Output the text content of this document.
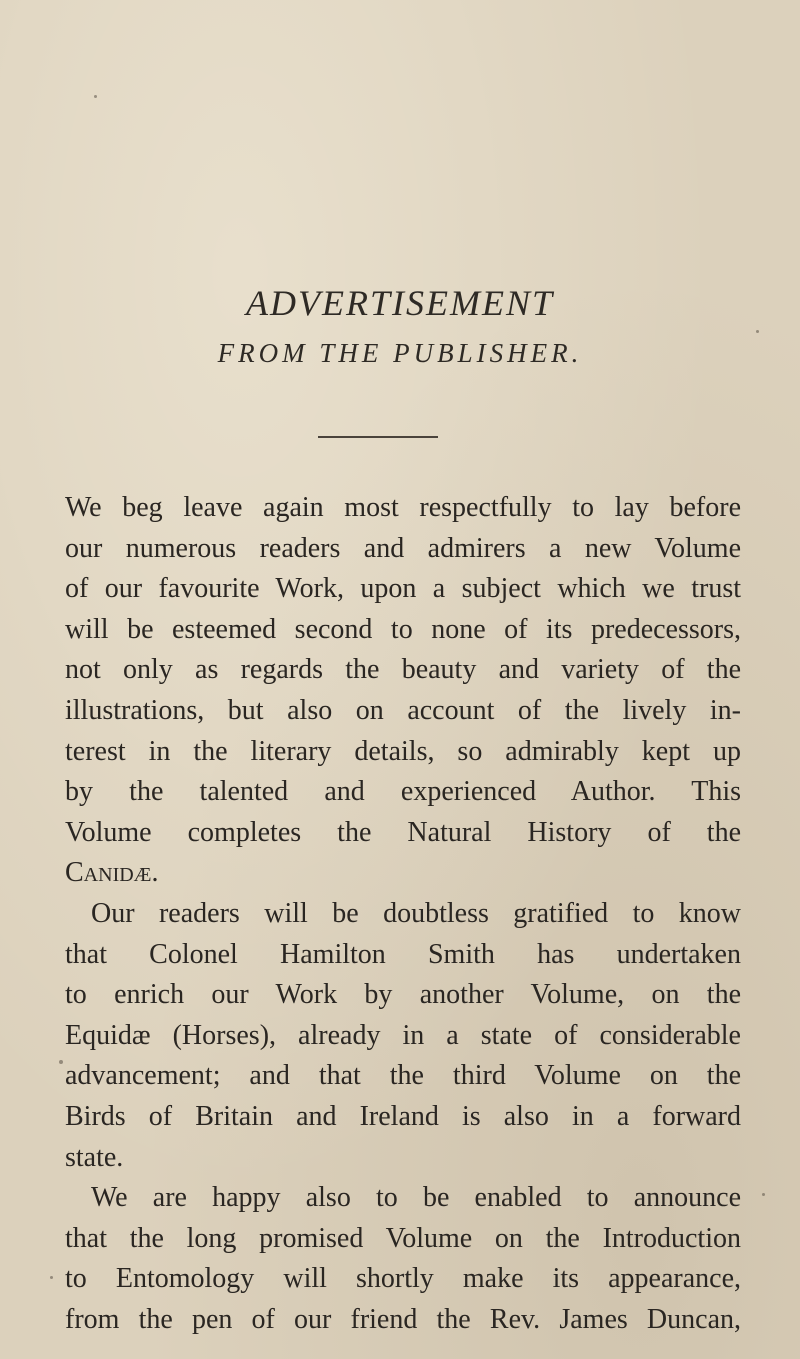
ADVERTISEMENT
FROM THE PUBLISHER.
We beg leave again most respectfully to lay before
our numerous readers and admirers a new Volume
of our favourite Work, upon a subject which we trust
will be esteemed second to none of its predecessors,
not only as regards the beauty and variety of the
illustrations, but also on account of the lively in-
terest in the literary details, so admirably kept up
by the talented and experienced Author. This
Volume completes the Natural History of the
Canidæ.
Our readers will be doubtless gratified to know
that Colonel Hamilton Smith has undertaken
to enrich our Work by another Volume, on the
Equidæ (Horses), already in a state of considerable
advancement; and that the third Volume on the
Birds of Britain and Ireland is also in a forward
state.
We are happy also to be enabled to announce
that the long promised Volume on the Introduction
to Entomology will shortly make its appearance,
from the pen of our friend the Rev. James Duncan,
